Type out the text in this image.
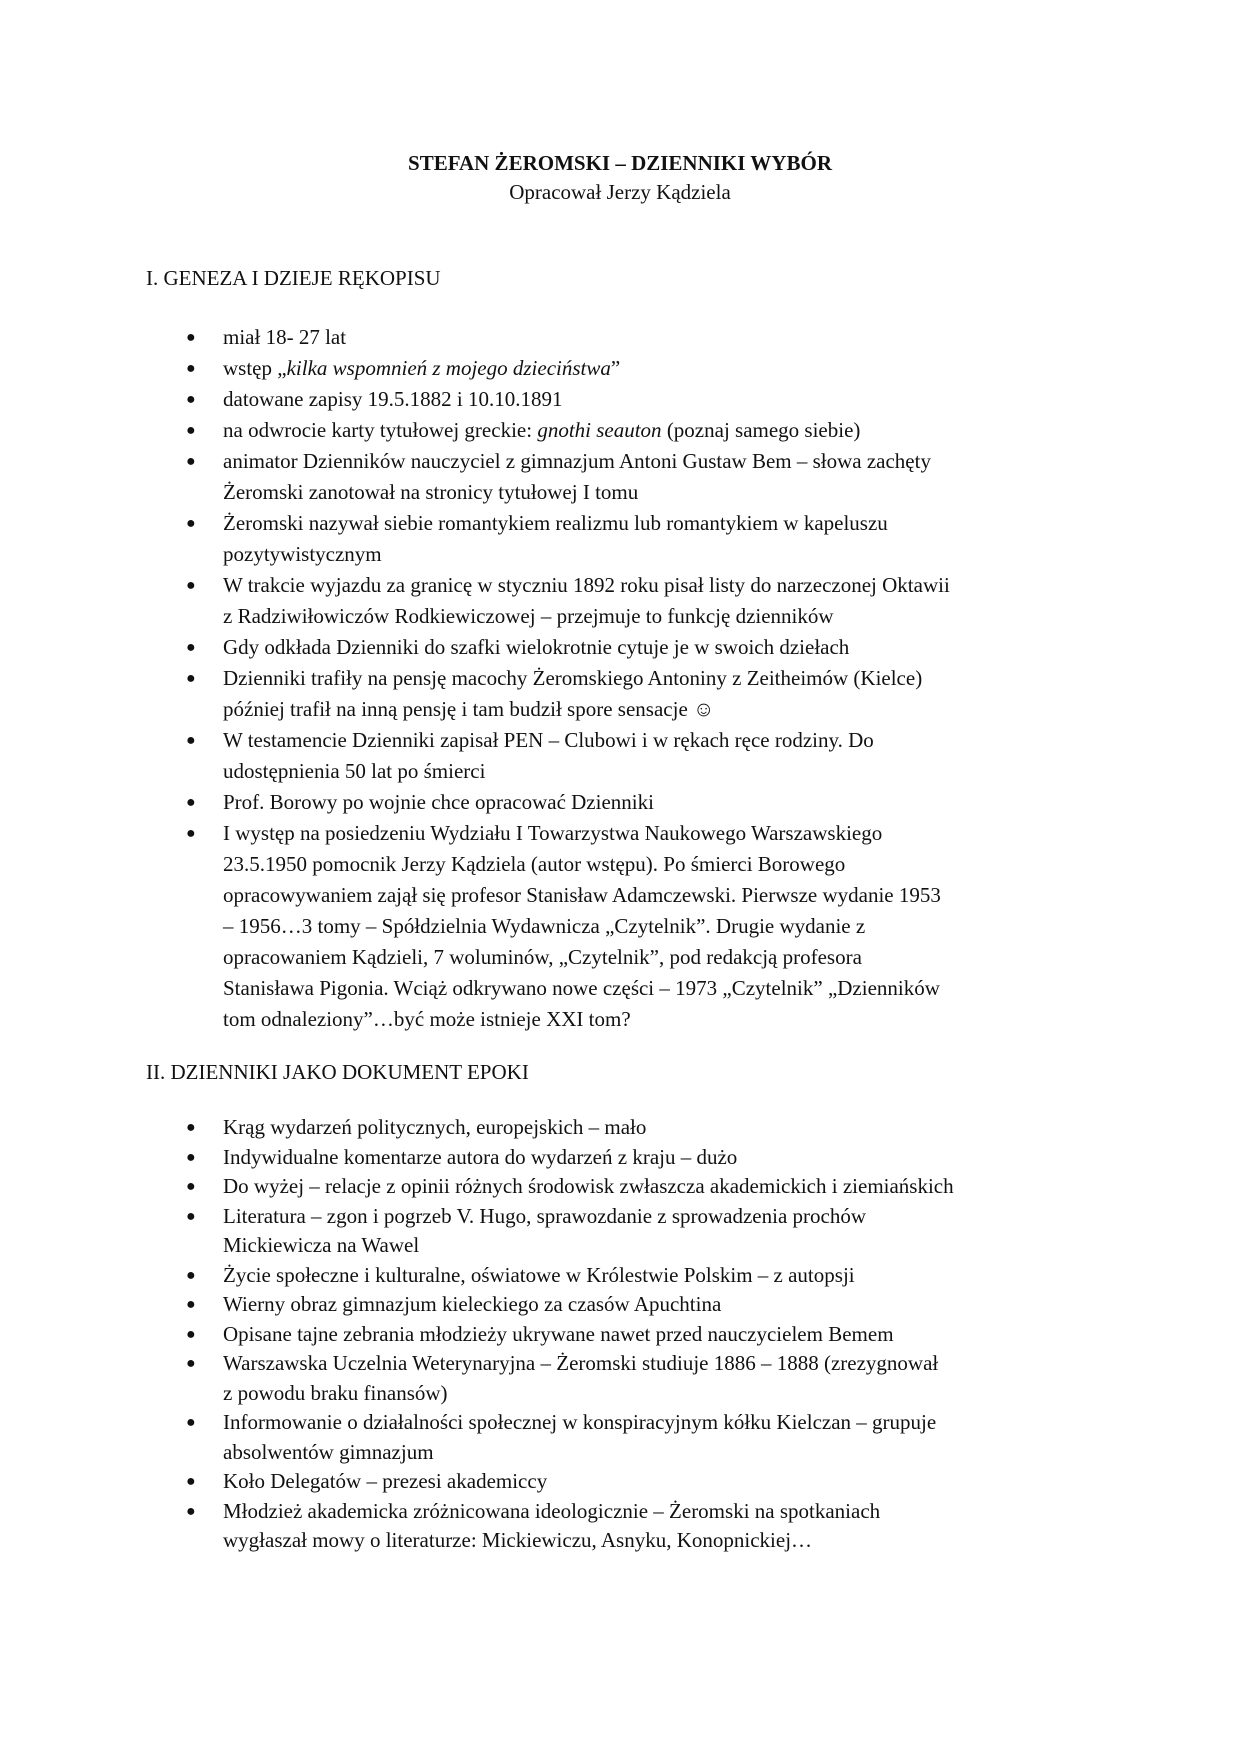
STEFAN ŻEROMSKI – DZIENNIKI WYBÓR
Opracował Jerzy Kądziela
I. GENEZA I DZIEJE RĘKOPISU
●	miał 18- 27 lat
●	wstęp „kilka wspomnień z mojego dzieciństwa”
●	datowane zapisy 19.5.1882 i 10.10.1891
●	na odwrocie karty tytułowej greckie: gnothi seauton (poznaj samego siebie)
●	animator Dzienników nauczyciel z gimnazjum Antoni Gustaw Bem – słowa zachęty
Żeromski zanotował na stronicy tytułowej I tomu
●	Żeromski nazywał siebie romantykiem realizmu lub romantykiem w kapeluszu
pozytywistycznym
●	W trakcie wyjazdu za granicę w styczniu 1892 roku pisał listy do narzeczonej Oktawii
z Radziwiłowiczów Rodkiewiczowej – przejmuje to funkcję dzienników
●	Gdy odkłada Dzienniki do szafki wielokrotnie cytuje je w swoich dziełach
●	Dzienniki trafiły na pensję macochy Żeromskiego Antoniny z Zeitheimów (Kielce)
później trafił na inną pensję i tam budził spore sensacje ☺
●	W testamencie Dzienniki zapisał PEN – Clubowi i w rękach ręce rodziny. Do
udostępnienia 50 lat po śmierci
●	Prof. Borowy po wojnie chce opracować Dzienniki
●	I występ na posiedzeniu Wydziału I Towarzystwa Naukowego Warszawskiego
23.5.1950 pomocnik Jerzy Kądziela (autor wstępu). Po śmierci Borowego
opracowywaniem zajął się profesor Stanisław Adamczewski. Pierwsze wydanie 1953
– 1956…3 tomy – Spółdzielnia Wydawnicza „Czytelnik”. Drugie wydanie z
opracowaniem Kądzieli, 7 woluminów, „Czytelnik”, pod redakcją profesora
Stanisława Pigonia. Wciąż odkrywano nowe części – 1973 „Czytelnik” „Dzienników
tom odnaleziony”…być może istnieje XXI tom?
II. DZIENNIKI JAKO DOKUMENT EPOKI
●	Krąg wydarzeń politycznych, europejskich – mało
●	Indywidualne komentarze autora do wydarzeń z kraju – dużo
●	Do wyżej – relacje z opinii różnych środowisk zwłaszcza akademickich i ziemiańskich
●	Literatura – zgon i pogrzeb V. Hugo, sprawozdanie z sprowadzenia prochów
Mickiewicza na Wawel
●	Życie społeczne i kulturalne, oświatowe w Królestwie Polskim – z autopsji
●	Wierny obraz gimnazjum kieleckiego za czasów Apuchtina
●	Opisane tajne zebrania młodzieży ukrywane nawet przed nauczycielem Bemem
●	Warszawska Uczelnia Weterynaryjna – Żeromski studiuje 1886 – 1888 (zrezygnował
z powodu braku finansów)
●	Informowanie o działalności społecznej w konspiracyjnym kółku Kielczan – grupuje
absolwentów gimnazjum
●	Koło Delegatów – prezesi akademiccy
●	Młodzież akademicka zróżnicowana ideologicznie – Żeromski na spotkaniach
wygłaszał mowy o literaturze: Mickiewiczu, Asnyku, Konopnickiej…
